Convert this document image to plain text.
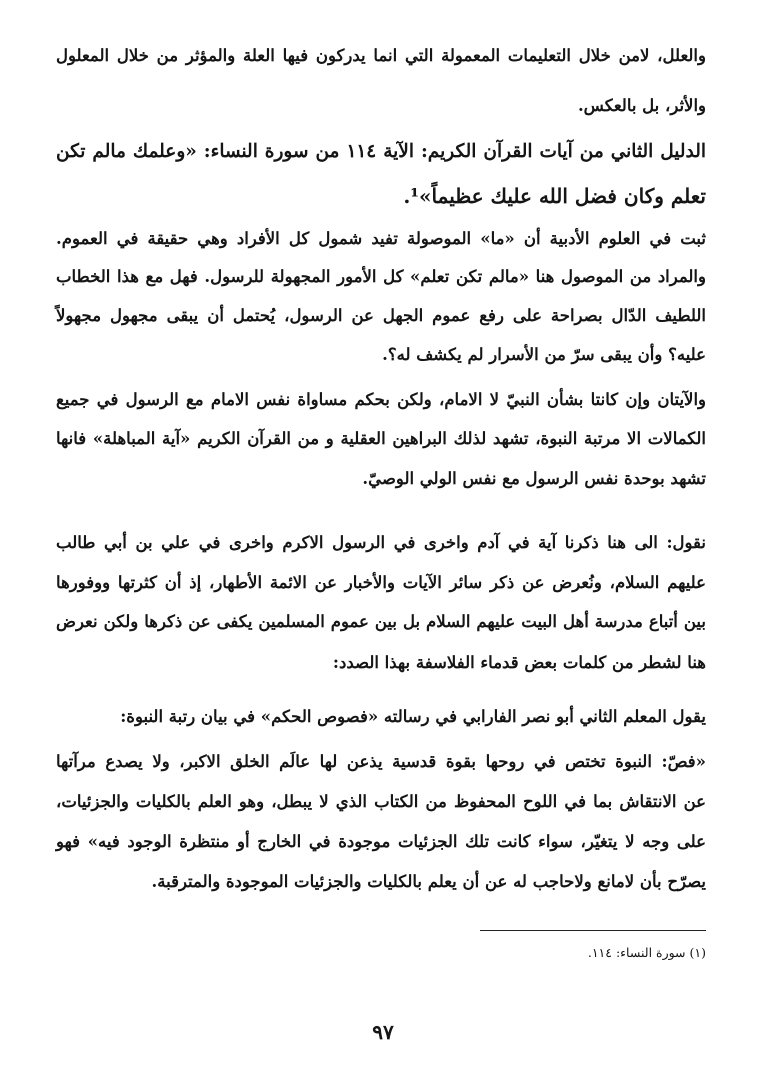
والعلل، لامن خلال التعليمات المعمولة التي انما يدركون فيها العلة والمؤثر من خلال المعلول
والأثر، بل بالعكس.
الدليل الثاني من آيات القرآن الكريم: الآية ١١٤ من سورة النساء: «وعلمك مالم تكن
تعلم وكان فضل الله عليك عظيماً»¹.
ثبت في العلوم الأدبية أن «ما» الموصولة تفيد شمول كل الأفراد وهي حقيقة في العموم.
والمراد من الموصول هنا «مالم تكن تعلم» كل الأمور المجهولة للرسول. فهل مع هذا الخطاب
اللطيف الدّال بصراحة على رفع عموم الجهل عن الرسول، يُحتمل أن يبقى مجهول مجهولاً
عليه؟ وأن يبقى سرّ من الأسرار لم يكشف له؟.
والآيتان وإن كانتا بشأن النبيّ لا الامام، ولكن بحكم مساواة نفس الامام مع الرسول في جميع
الكمالات الا مرتبة النبوة، تشهد لذلك البراهين العقلية و من القرآن الكريم «آية المباهلة» فانها
تشهد بوحدة نفس الرسول مع نفس الولي الوصيّ.
نقول: الى هنا ذكرنا آية في آدم واخرى في الرسول الاكرم واخرى في علي بن أبي طالب
عليهم السلام، ونُعرض عن ذكر سائر الآيات والأخبار عن الائمة الأطهار، إذ أن كثرتها ووفورها
بين أتباع مدرسة أهل البيت عليهم السلام بل بين عموم المسلمين يكفى عن ذكرها ولكن نعرض
هنا لشطر من كلمات بعض قدماء الفلاسفة بهذا الصدد:
يقول المعلم الثاني أبو نصر الفارابي في رسالته «فصوص الحكم» في بيان رتبة النبوة:
«فصّ: النبوة تختص في روحها بقوة قدسية يذعن لها عالَم الخلق الاكبر، ولا يصدع مرآتها
عن الانتقاش بما في اللوح المحفوظ من الكتاب الذي لا يبطل، وهو العلم بالكليات والجزئيات،
على وجه لا يتغيّر، سواء كانت تلك الجزئيات موجودة في الخارج أو منتظرة الوجود فيه» فهو
يصرّح بأن لامانع ولاحاجب له عن أن يعلم بالكليات والجزئيات الموجودة والمترقبة.
(١) سورة النساء: ١١٤.
٩٧
